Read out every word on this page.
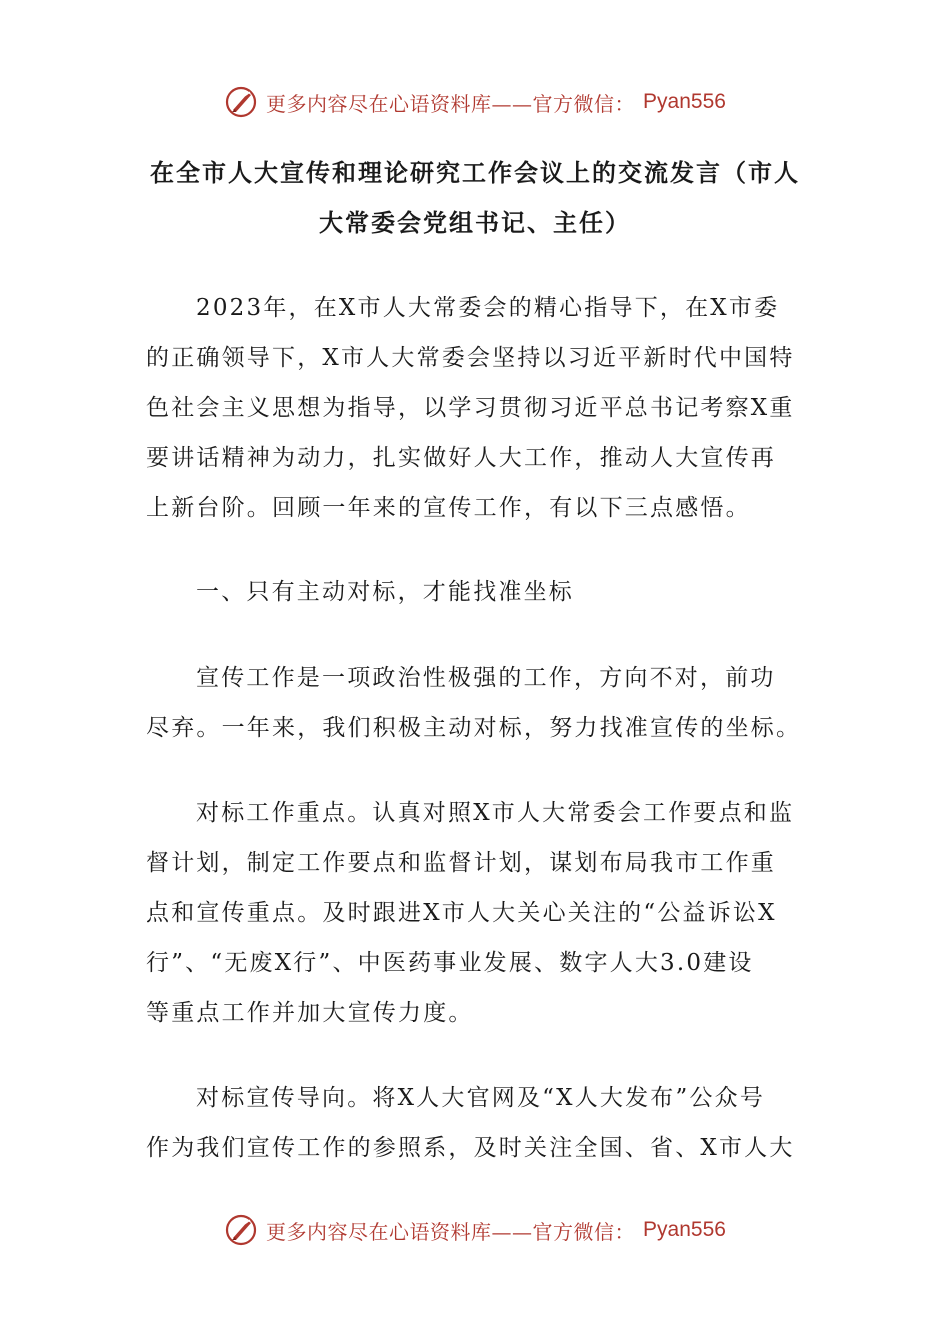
更多内容尽在心语资料库——官方微信： Pyan556
在全市人大宣传和理论研究工作会议上的交流发言（市人
大常委会党组书记、主任）

2023年，在X市人大常委会的精心指导下，在X市委
的正确领导下，X市人大常委会坚持以习近平新时代中国特
色社会主义思想为指导，以学习贯彻习近平总书记考察X重
要讲话精神为动力，扎实做好人大工作，推动人大宣传再
上新台阶。回顾一年来的宣传工作，有以下三点感悟。

一、只有主动对标，才能找准坐标

宣传工作是一项政治性极强的工作，方向不对，前功
尽弃。一年来，我们积极主动对标，努力找准宣传的坐标。

对标工作重点。认真对照X市人大常委会工作要点和监
督计划，制定工作要点和监督计划，谋划布局我市工作重
点和宣传重点。及时跟进X市人大关心关注的“公益诉讼X
行”、“无废X行”、中医药事业发展、数字人大3.0建设
等重点工作并加大宣传力度。

对标宣传导向。将X人大官网及“X人大发布”公众号
作为我们宣传工作的参照系，及时关注全国、省、X市人大

更多内容尽在心语资料库——官方微信： Pyan556
